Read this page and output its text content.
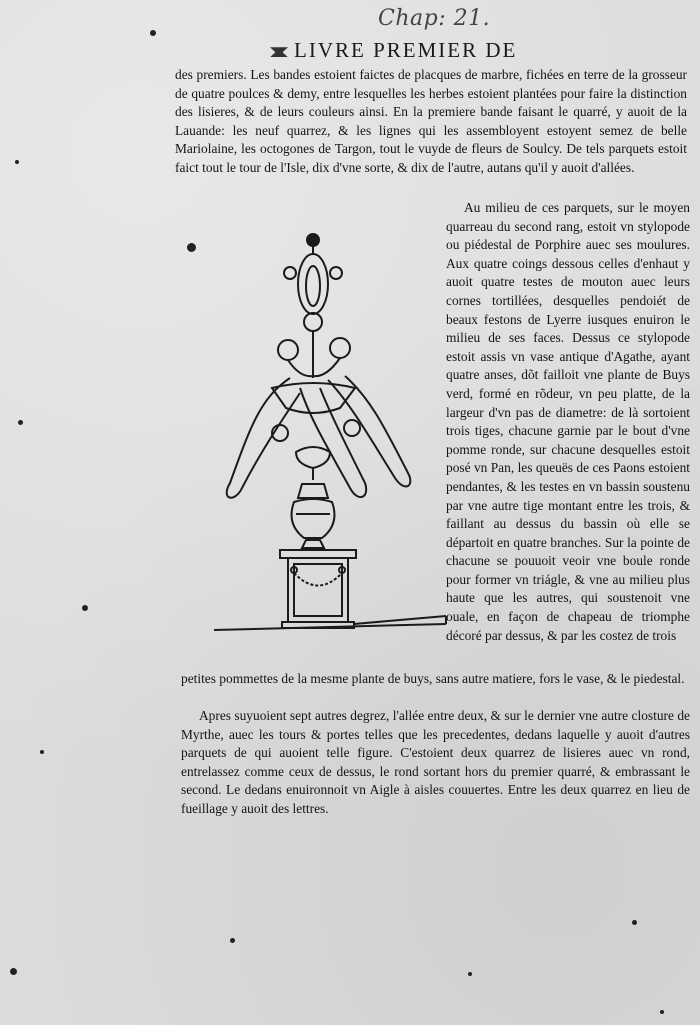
Chap: 21.
LIVRE PREMIER DE
des premiers. Les bandes estoient faictes de placques de marbre, fichées en terre de la grosseur de quatre poulces & demy, entre lesquelles les herbes estoient plantées pour faire la distinction des lisieres, & de leurs couleurs ainsi. En la premiere bande faisant le quarré, y auoit de la Lauande: les neuf quarrez, & les lignes qui les assembloyent estoyent semez de belle Mariolaine, les octogones de Targon, tout le vuyde de fleurs de Soulcy. De tels parquets estoit faict tout le tour de l'Isle, dix d'vne sorte, & dix de l'autre, autans qu'il y auoit d'allées.
Au milieu de ces parquets, sur le moyen quarreau du second rang, estoit vn stylopode ou piédestal de Porphire auec ses moulures. Aux quatre coings dessous celles d'enhaut y auoit quatre testes de mouton auec leurs cornes tortillées, desquelles pendoiét de beaux festons de Lyerre iusques enuiron le milieu de ses faces. Dessus ce stylopode estoit assis vn vase antique d'Agathe, ayant quatre anses, dõt failloit vne plante de Buys verd, formé en rõdeur, vn peu platte, de la largeur d'vn pas de diametre: de là sortoient trois tiges, chacune garnie par le bout d'vne pomme ronde, sur chacune desquelles estoit posé vn Pan, les queuës de ces Paons estoient pendantes, & les testes en vn bassin soustenu par vne autre tige montant entre les trois, & faillant au dessus du bassin où elle se départoit en quatre branches. Sur la pointe de chacune se pouuoit veoir vne boule ronde pour former vn triágle, & vne au milieu plus haute que les autres, qui soustenoit vne ouale, en façon de chapeau de triomphe décoré par dessus, & par les costez de trois
petites pommettes de la mesme plante de buys, sans autre matiere, fors le vase, & le piedestal.
Apres suyuoient sept autres degrez, l'allée entre deux, & sur le dernier vne autre closture de Myrthe, auec les tours & portes telles que les precedentes, dedans laquelle y auoit d'autres parquets de qui auoient telle figure. C'estoient deux quarrez de lisieres auec vn rond, entrelassez comme ceux de dessus, le rond sortant hors du premier quarré, & embrassant le second. Le dedans enuironnoit vn Aigle à aisles couuertes. Entre les deux quarrez en lieu de fueillage y auoit des lettres.
